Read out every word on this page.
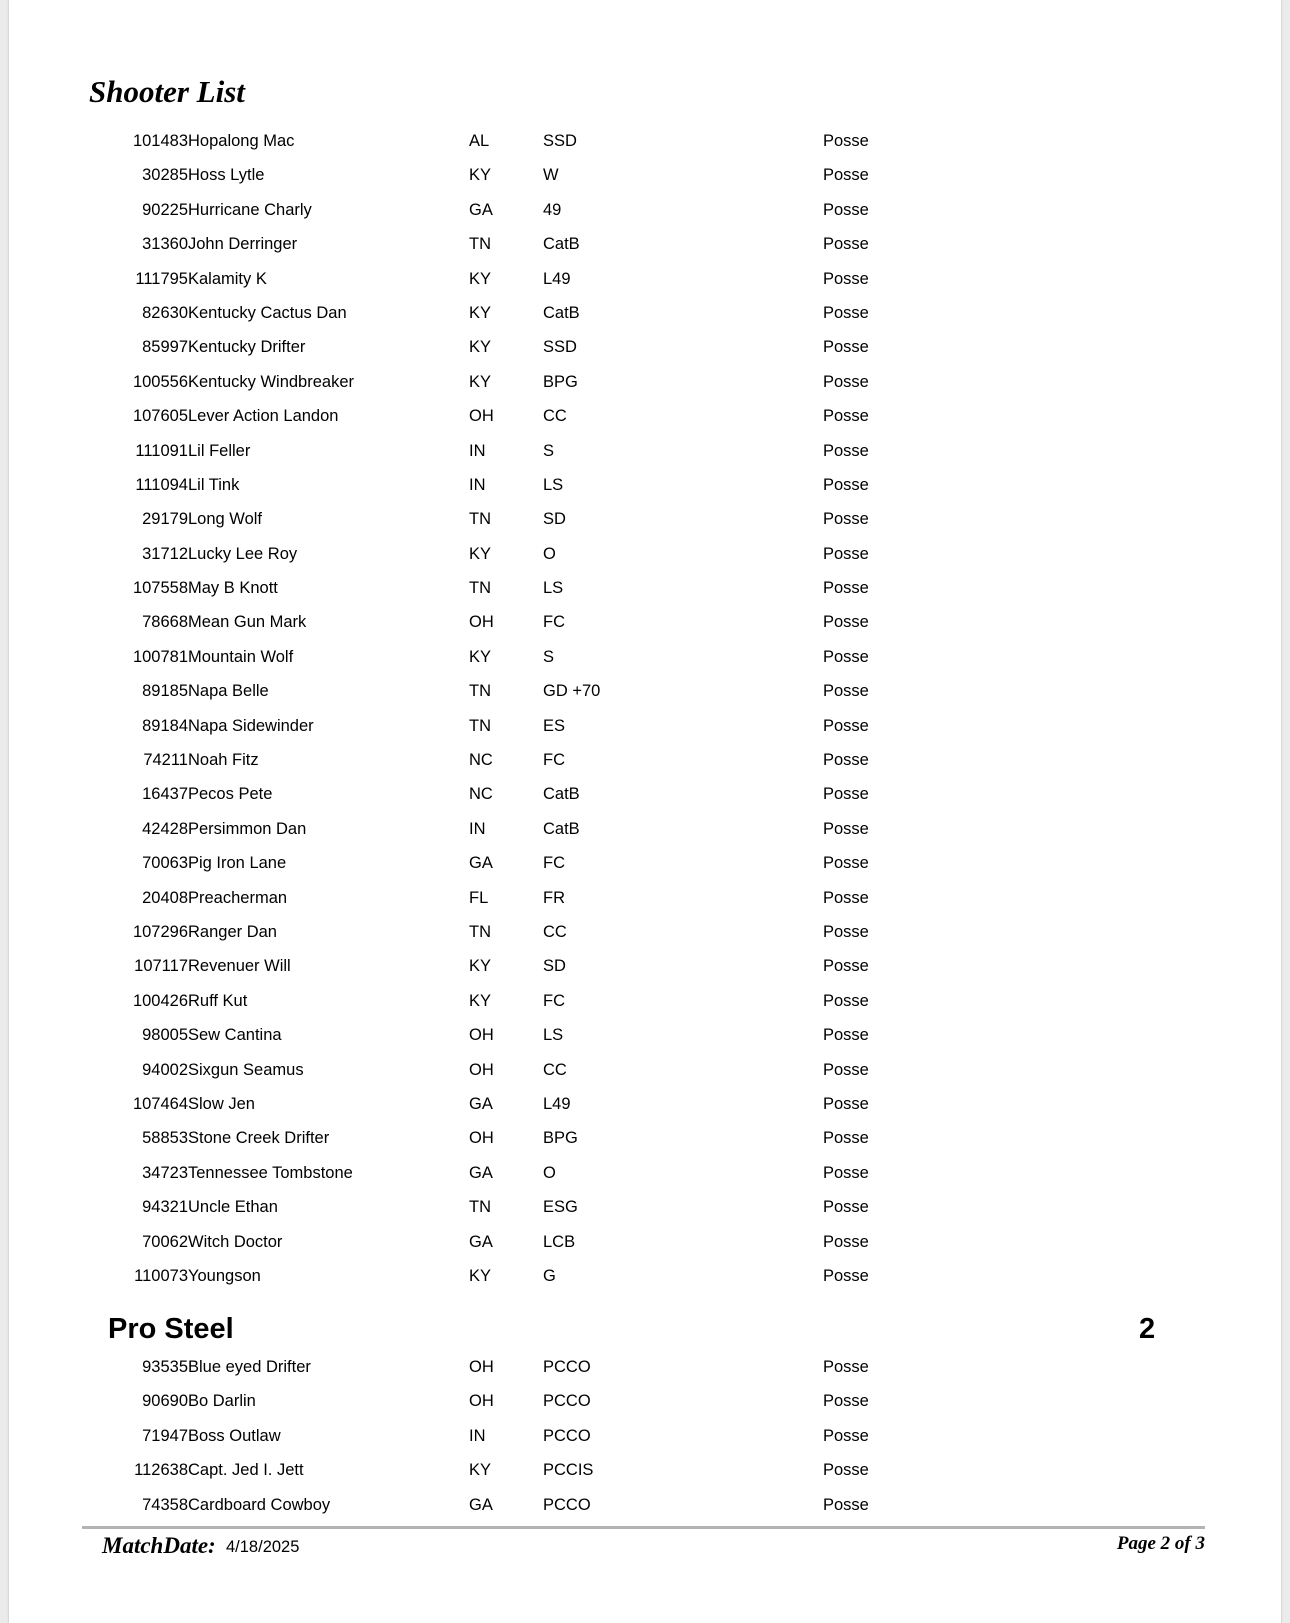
Shooter List
101483 Hopalong Mac	AL	SSD	Posse
30285 Hoss Lytle	KY	W	Posse
90225 Hurricane Charly	GA	49	Posse
31360 John Derringer	TN	CatB	Posse
111795 Kalamity K	KY	L49	Posse
82630 Kentucky Cactus Dan	KY	CatB	Posse
85997 Kentucky Drifter	KY	SSD	Posse
100556 Kentucky Windbreaker	KY	BPG	Posse
107605 Lever Action Landon	OH	CC	Posse
111091 Lil Feller	IN	S	Posse
111094 Lil Tink	IN	LS	Posse
29179 Long Wolf	TN	SD	Posse
31712 Lucky Lee Roy	KY	O	Posse
107558 May B Knott	TN	LS	Posse
78668 Mean Gun Mark	OH	FC	Posse
100781 Mountain Wolf	KY	S	Posse
89185 Napa Belle	TN	GD +70	Posse
89184 Napa Sidewinder	TN	ES	Posse
74211 Noah Fitz	NC	FC	Posse
16437 Pecos Pete	NC	CatB	Posse
42428 Persimmon Dan	IN	CatB	Posse
70063 Pig Iron Lane	GA	FC	Posse
20408 Preacherman	FL	FR	Posse
107296 Ranger Dan	TN	CC	Posse
107117 Revenuer Will	KY	SD	Posse
100426 Ruff Kut	KY	FC	Posse
98005 Sew Cantina	OH	LS	Posse
94002 Sixgun Seamus	OH	CC	Posse
107464 Slow Jen	GA	L49	Posse
58853 Stone Creek Drifter	OH	BPG	Posse
34723 Tennessee Tombstone	GA	O	Posse
94321 Uncle Ethan	TN	ESG	Posse
70062 Witch Doctor	GA	LCB	Posse
110073 Youngson	KY	G	Posse
Pro Steel	2
93535 Blue eyed Drifter	OH	PCCO	Posse
90690 Bo Darlin	OH	PCCO	Posse
71947 Boss Outlaw	IN	PCCO	Posse
112638 Capt. Jed I. Jett	KY	PCCIS	Posse
74358 Cardboard Cowboy	GA	PCCO	Posse
MatchDate: 4/18/2025	Page 2 of 3
